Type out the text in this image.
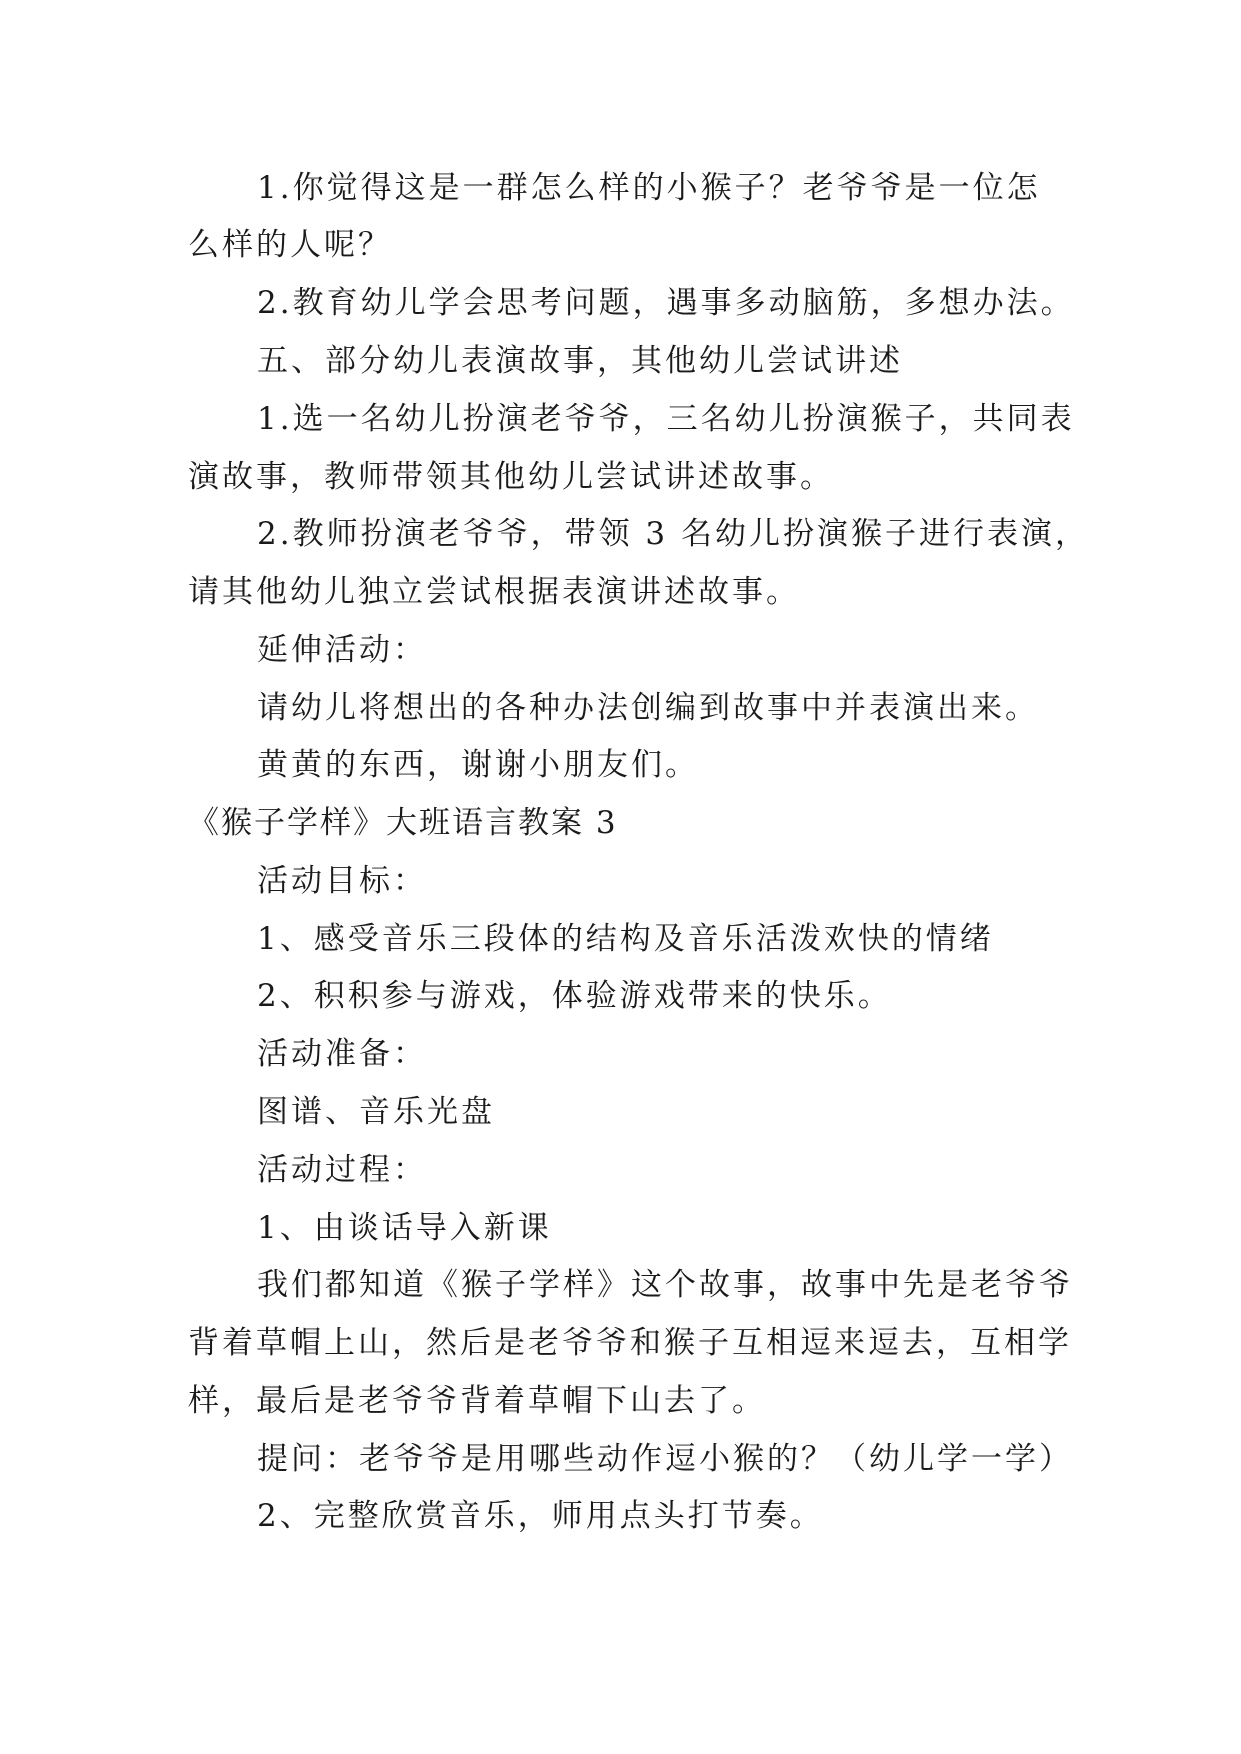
1.你觉得这是一群怎么样的小猴子？老爷爷是一位怎
么样的人呢？
2.教育幼儿学会思考问题，遇事多动脑筋，多想办法。
五、部分幼儿表演故事，其他幼儿尝试讲述
1.选一名幼儿扮演老爷爷，三名幼儿扮演猴子，共同表
演故事，教师带领其他幼儿尝试讲述故事。
2.教师扮演老爷爷，带领 3 名幼儿扮演猴子进行表演，
请其他幼儿独立尝试根据表演讲述故事。
延伸活动：
请幼儿将想出的各种办法创编到故事中并表演出来。
黄黄的东西，谢谢小朋友们。
《猴子学样》大班语言教案 3
活动目标：
1、感受音乐三段体的结构及音乐活泼欢快的情绪
2、积积参与游戏，体验游戏带来的快乐。
活动准备：
图谱、音乐光盘
活动过程：
1、由谈话导入新课
我们都知道《猴子学样》这个故事，故事中先是老爷爷
背着草帽上山，然后是老爷爷和猴子互相逗来逗去，互相学
样，最后是老爷爷背着草帽下山去了。
提问：老爷爷是用哪些动作逗小猴的？（幼儿学一学）
2、完整欣赏音乐，师用点头打节奏。
